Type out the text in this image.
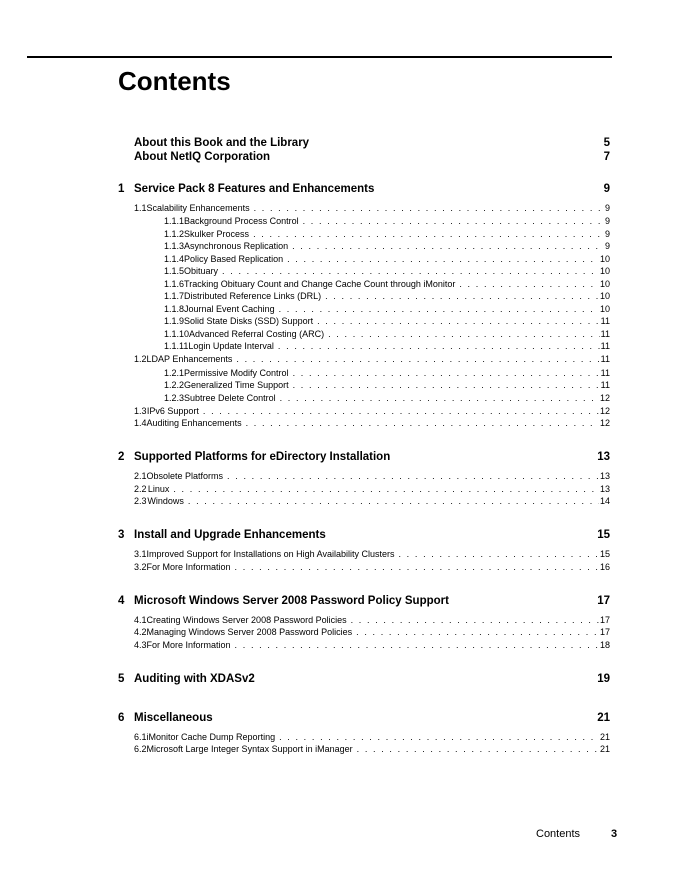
Contents
About this Book and the Library	5
About NetIQ Corporation	7
1 Service Pack 8 Features and Enhancements	9
1.1 Scalability Enhancements . . .	9
1.1.1 Background Process Control . . .	9
1.1.2 Skulker Process . . .	9
1.1.3 Asynchronous Replication . . .	9
1.1.4 Policy Based Replication . . .	10
1.1.5 Obituary . . .	10
1.1.6 Tracking Obituary Count and Change Cache Count through iMonitor . . .	10
1.1.7 Distributed Reference Links (DRL) . . .	10
1.1.8 Journal Event Caching . . .	10
1.1.9 Solid State Disks (SSD) Support . . .	11
1.1.10 Advanced Referral Costing (ARC) . . .	11
1.1.11 Login Update Interval . . .	11
1.2 LDAP Enhancements . . .	11
1.2.1 Permissive Modify Control . . .	11
1.2.2 Generalized Time Support . . .	11
1.2.3 Subtree Delete Control . . .	12
1.3 IPv6 Support . . .	12
1.4 Auditing Enhancements . . .	12
2 Supported Platforms for eDirectory Installation	13
2.1 Obsolete Platforms . . .	13
2.2 Linux . . .	13
2.3 Windows . . .	14
3 Install and Upgrade Enhancements	15
3.1 Improved Support for Installations on High Availability Clusters . . .	15
3.2 For More Information . . .	16
4 Microsoft Windows Server 2008 Password Policy Support	17
4.1 Creating Windows Server 2008 Password Policies . . .	17
4.2 Managing Windows Server 2008 Password Policies . . .	17
4.3 For More Information . . .	18
5 Auditing with XDASv2	19
6 Miscellaneous	21
6.1 iMonitor Cache Dump Reporting . . .	21
6.2 Microsoft Large Integer Syntax Support in iManager . . .	21
Contents	3
